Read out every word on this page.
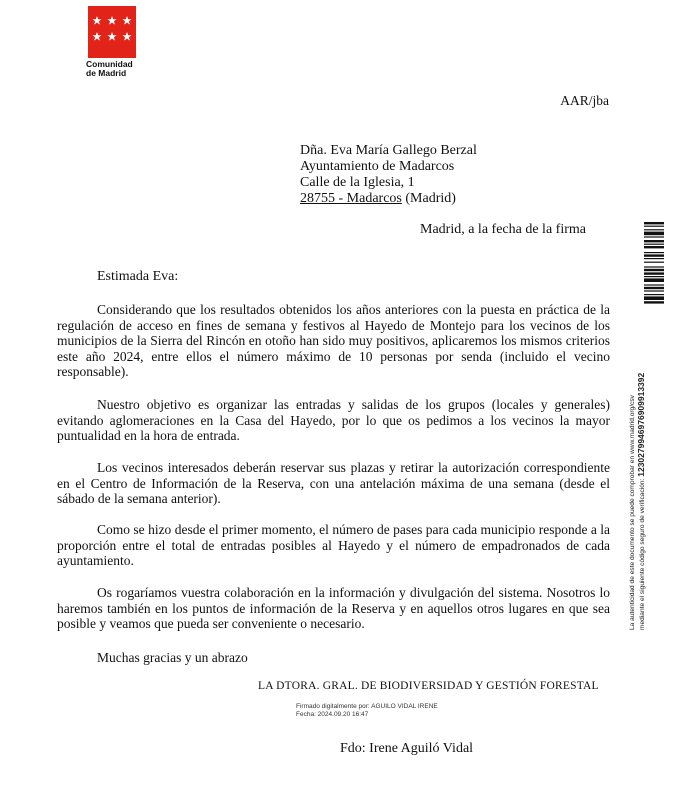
Comunidad
de Madrid
AAR/jba
Dña. Eva María Gallego Berzal
Ayuntamiento de Madarcos
Calle de la Iglesia, 1
28755 - Madarcos (Madrid)
Madrid, a la fecha de la firma
Estimada Eva:
Considerando que los resultados obtenidos los años anteriores con la puesta en práctica de la regulación de acceso en fines de semana y festivos al Hayedo de Montejo para los vecinos de los municipios de la Sierra del Rincón en otoño han sido muy positivos, aplicaremos los mismos criterios este año 2024, entre ellos el número máximo de 10 personas por senda (incluido el vecino responsable).
Nuestro objetivo es organizar las entradas y salidas de los grupos (locales y generales) evitando aglomeraciones en la Casa del Hayedo, por lo que os pedimos a los vecinos la mayor puntualidad en la hora de entrada.
Los vecinos interesados deberán reservar sus plazas y retirar la autorización correspondiente en el Centro de Información de la Reserva, con una antelación máxima de una semana (desde el sábado de la semana anterior).
Como se hizo desde el primer momento, el número de pases para cada municipio responde a la proporción entre el total de entradas posibles al Hayedo y el número de empadronados de cada ayuntamiento.
Os rogaríamos vuestra colaboración en la información y divulgación del sistema. Nosotros lo haremos también en los puntos de información de la Reserva y en aquellos otros lugares en que sea posible y veamos que pueda ser conveniente o necesario.
Muchas gracias y un abrazo
LA DTORA. GRAL. DE BIODIVERSIDAD Y GESTIÓN FORESTAL
Firmado digitalmente por: AGUILO VIDAL IRENE
Fecha: 2024.09.20 16:47
Fdo: Irene Aguiló Vidal
La autenticidad de este documento se puede comprobar en www.madrid.org/csv mediante el siguiente código seguro de verificación: 1230279946976909913392
